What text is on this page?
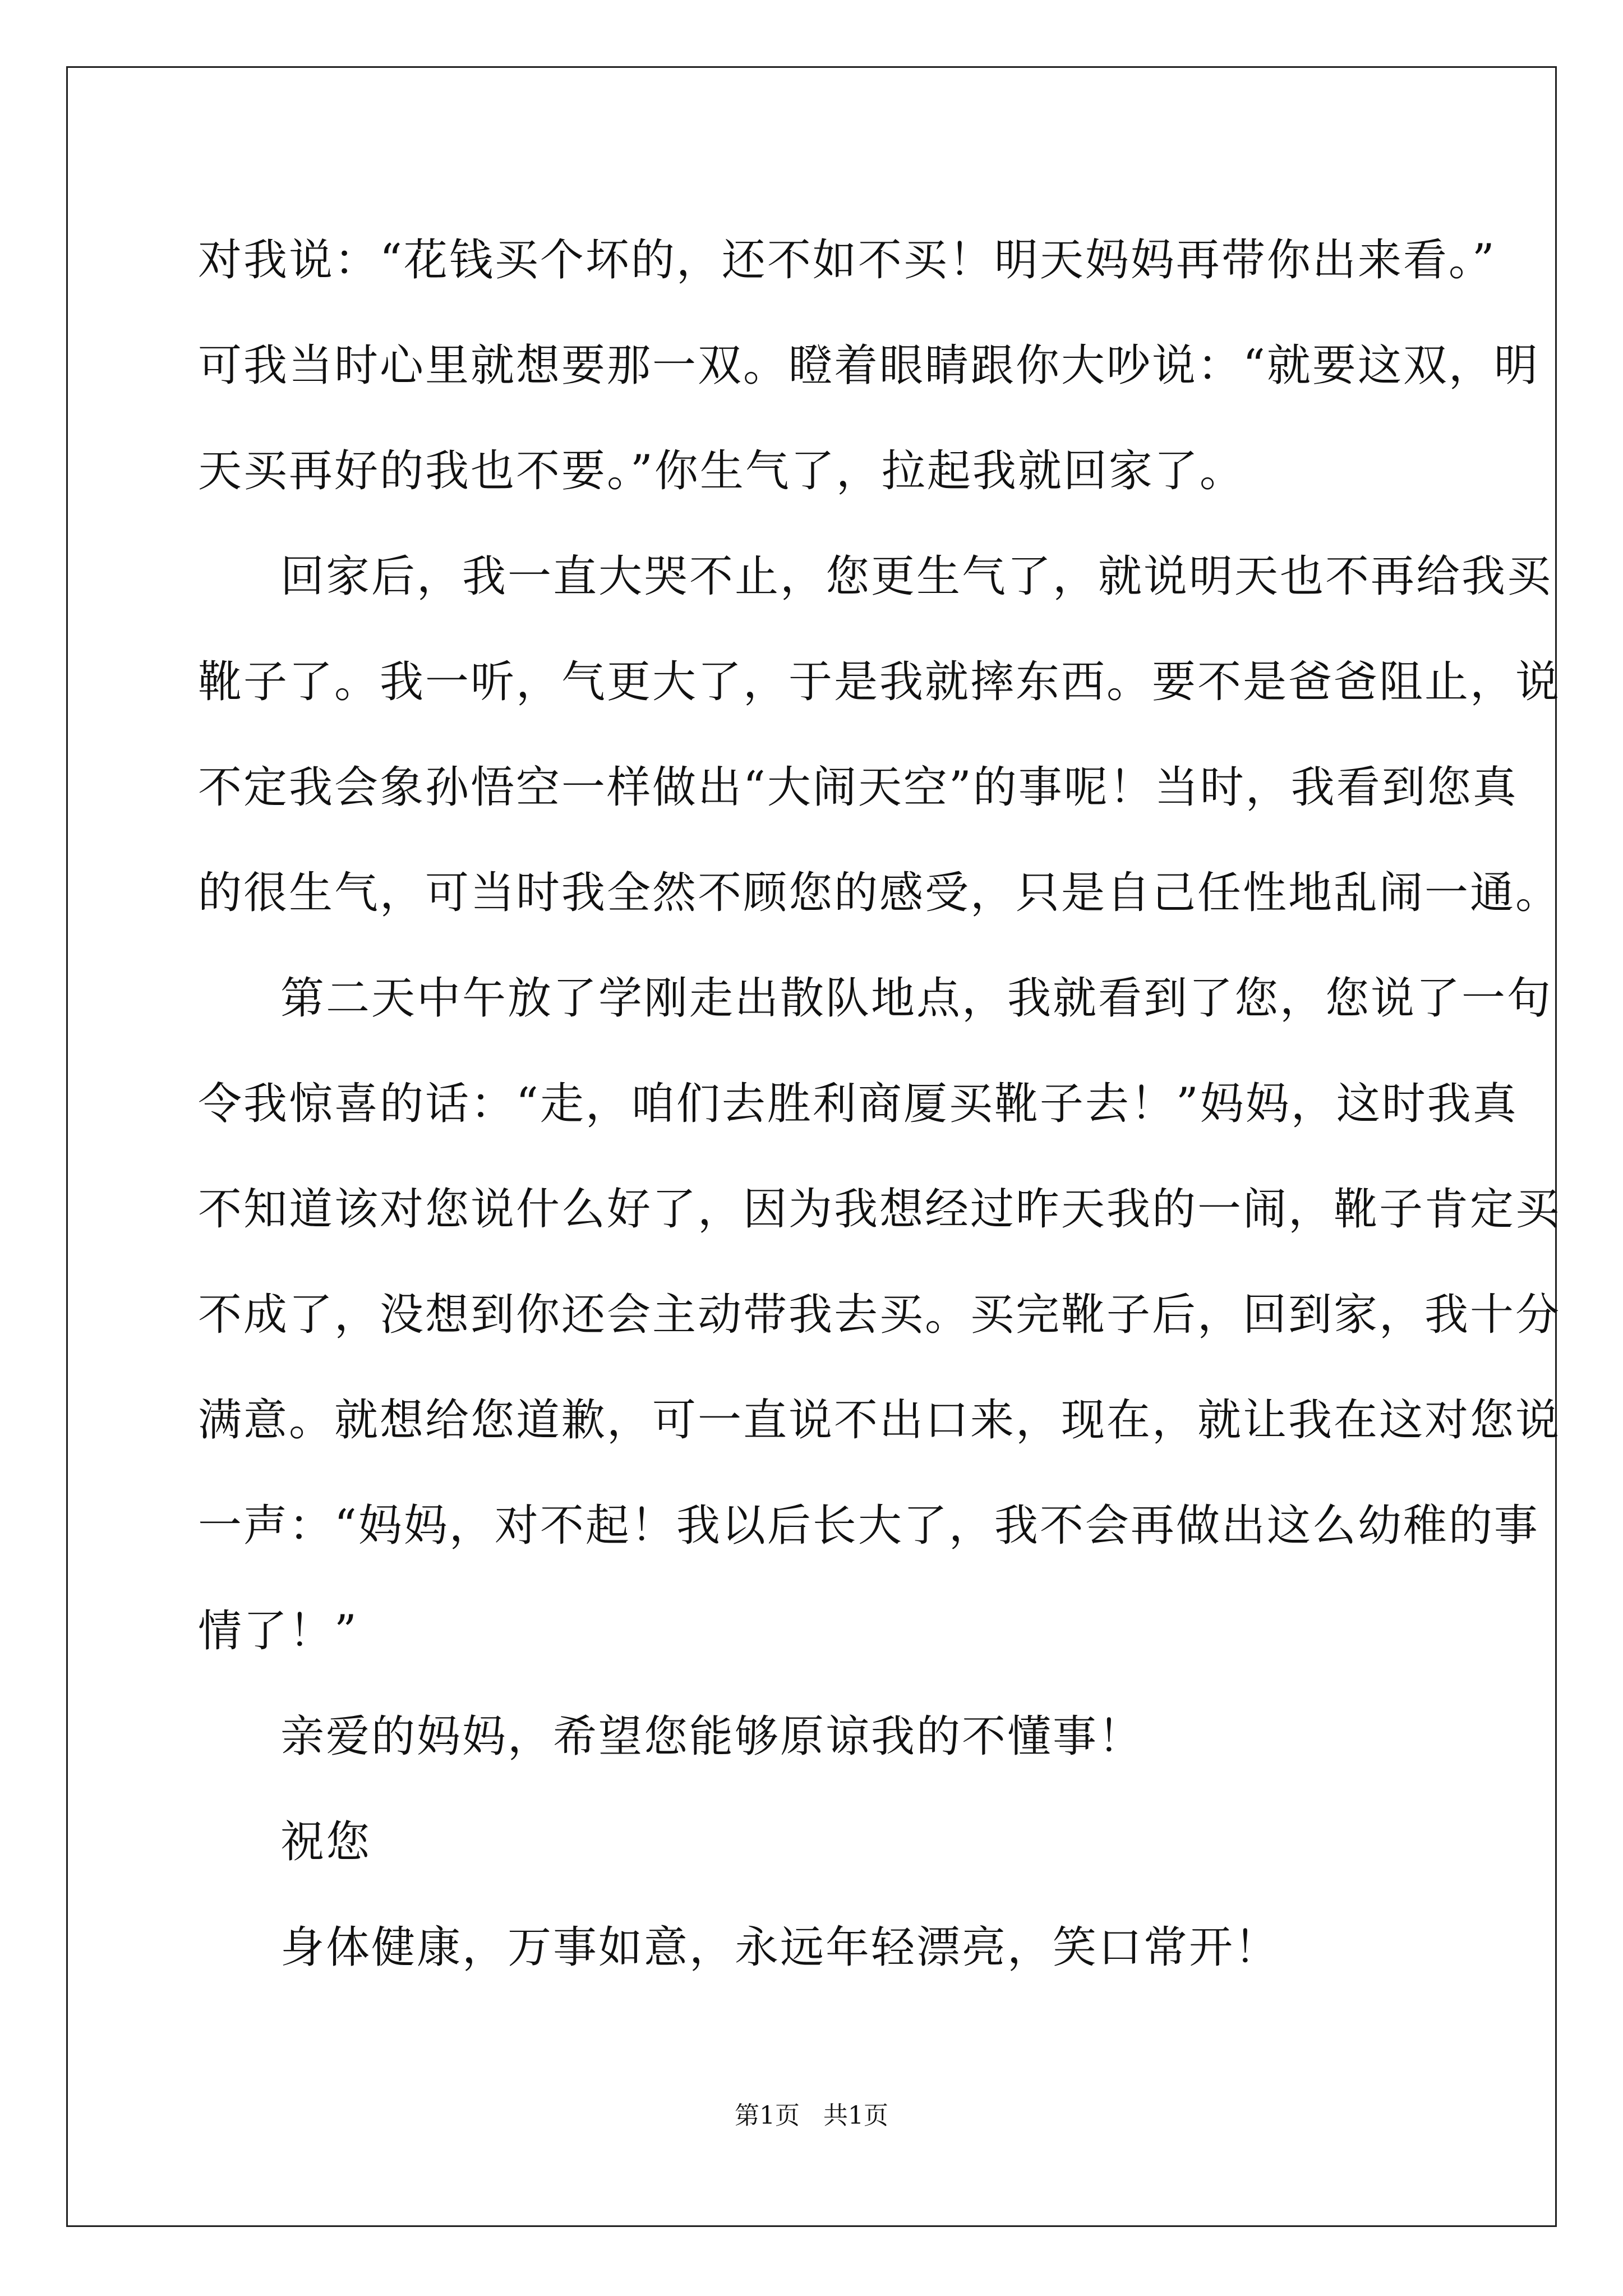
对我说：“花钱买个坏的，还不如不买！明天妈妈再带你出来看。”
可我当时心里就想要那一双。瞪着眼睛跟你大吵说：“就要这双，明
天买再好的我也不要。”你生气了，拉起我就回家了。
回家后，我一直大哭不止，您更生气了，就说明天也不再给我买
靴子了。我一听，气更大了，于是我就摔东西。要不是爸爸阻止，说
不定我会象孙悟空一样做出“大闹天空”的事呢！当时，我看到您真
的很生气，可当时我全然不顾您的感受，只是自己任性地乱闹一通。
第二天中午放了学刚走出散队地点，我就看到了您，您说了一句
令我惊喜的话：“走，咱们去胜利商厦买靴子去！”妈妈，这时我真
不知道该对您说什么好了，因为我想经过昨天我的一闹，靴子肯定买
不成了，没想到你还会主动带我去买。买完靴子后，回到家，我十分
满意。就想给您道歉，可一直说不出口来，现在，就让我在这对您说
一声：“妈妈，对不起！我以后长大了，我不会再做出这么幼稚的事
情了！”
亲爱的妈妈，希望您能够原谅我的不懂事！
祝您
身体健康，万事如意，永远年轻漂亮，笑口常开！
第1页   共1页
